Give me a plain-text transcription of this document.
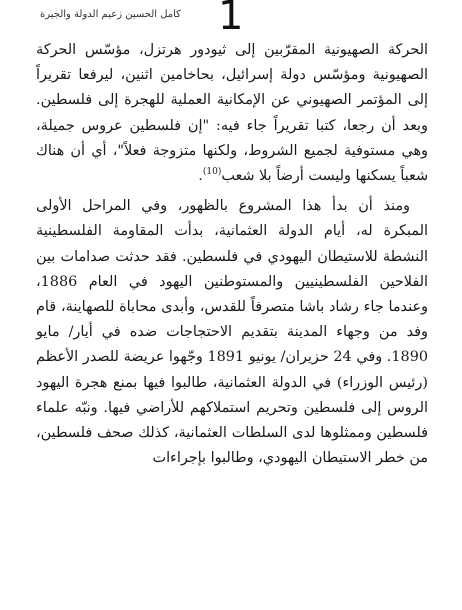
كامل الحسين زعيم الدولة والجيرة 1

الحركة الصهيونية المقرّبين إلى ثيودور هرتزل، مؤسّس الحركة الصهيونية ومؤسّس دولة إسرائيل، بحاخامين اثنين، ليرفعا تقريراً إلى المؤتمر الصهيوني عن الإمكانية العملية للهجرة إلى فلسطين. وبعد أن رجعا، كتبا تقريراً جاء فيه: "إن فلسطين عروس جميلة، وهي مستوفية لجميع الشروط، ولكنها متزوجة فعلاً"، أي أن هناك شعباً يسكنها وليست أرضاً بلا شعب$^{(10)}$.

ومنذ أن بدأ هذا المشروع بالظهور، وفي المراحل الأولى المبكرة له، أيام الدولة العثمانية، بدأت المقاومة الفلسطينية النشطة للاستيطان اليهودي في فلسطين. فقد حدثت صدامات بين الفلاحين الفلسطينيين والمستوطنين اليهود في العام 1886، وعندما جاء رشاد باشا متصرفاً للقدس، وأبدى محاباة للصهاينة، قام وفد من وجهاء المدينة بتقديم الاحتجاجات ضده في أيار/ مايو 1890. وفي 24 حزيران/ يونيو 1891 وجّهوا عريضة للصدر الأعظم (رئيس الوزراء) في الدولة العثمانية، طالبوا فيها بمنع هجرة اليهود الروس إلى فلسطين وتحريم استملاكهم للأراضي فيها. ونبّه علماء فلسطين وممثلوها لدى السلطات العثمانية، كذلك صحف فلسطين، من خطر الاستيطان اليهودي، وطالبوا بإجراءات
